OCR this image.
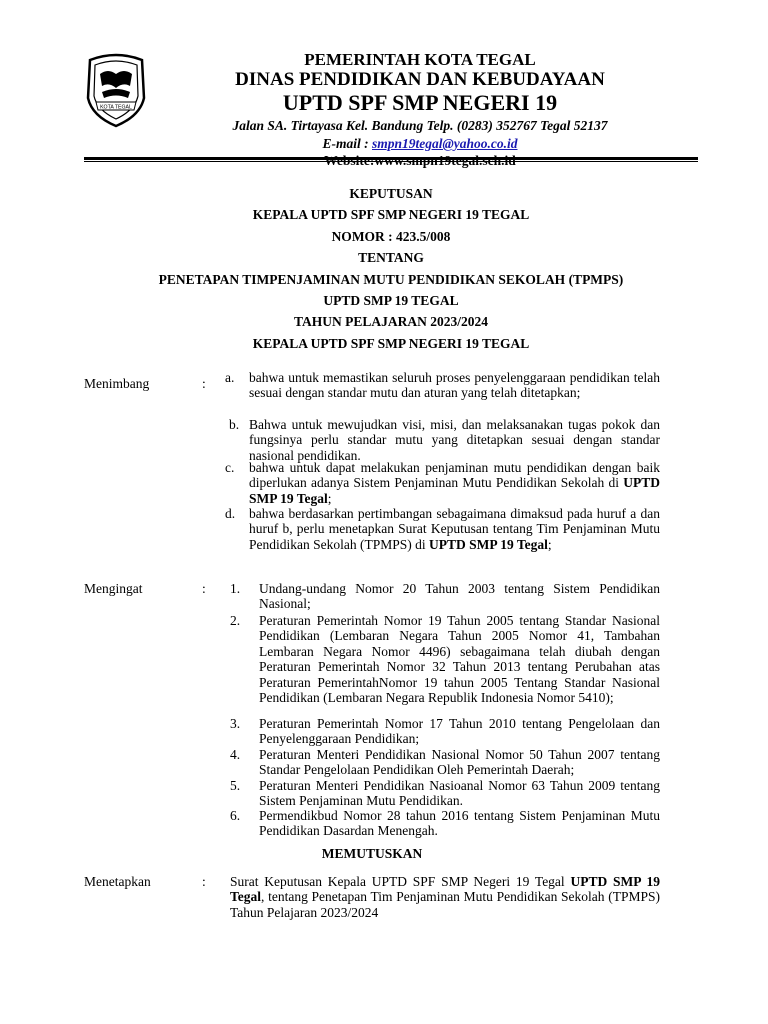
KOTA TEGAL
PEMERINTAH KOTA TEGAL
DINAS PENDIDIKAN DAN KEBUDAYAAN
UPTD SPF SMP NEGERI 19
Jalan SA. Tirtayasa Kel. Bandung Telp. (0283) 352767 Tegal 52137
E-mail : smpn19tegal@yahoo.co.id
KEPUTUSAN
KEPALA UPTD SPF SMP NEGERI 19 TEGAL
NOMOR : 423.5/008
TENTANG
PENETAPAN TIMPENJAMINAN MUTU PENDIDIKAN SEKOLAH (TPMPS)
UPTD SMP 19 TEGAL
TAHUN PELAJARAN 2023/2024
KEPALA UPTD SPF SMP NEGERI 19 TEGAL
Menimbang	: a. bahwa untuk memastikan seluruh proses penyelenggaraan pendidikan telah sesuai dengan standar mutu dan aturan yang telah ditetapkan;
b. Bahwa untuk mewujudkan visi, misi, dan melaksanakan tugas pokok dan fungsinya perlu standar mutu yang ditetapkan sesuai dengan standar nasional pendidikan.
c. bahwa untuk dapat melakukan penjaminan mutu pendidikan dengan baik diperlukan adanya Sistem Penjaminan Mutu Pendidikan Sekolah di UPTD SMP 19 Tegal;
d. bahwa berdasarkan pertimbangan sebagaimana dimaksud pada huruf a dan huruf b, perlu menetapkan Surat Keputusan tentang Tim Penjaminan Mutu Pendidikan Sekolah (TPMPS) di UPTD SMP 19 Tegal;
Mengingat	: 1. Undang-undang Nomor 20 Tahun 2003 tentang Sistem Pendidikan Nasional;
2. Peraturan Pemerintah Nomor 19 Tahun 2005 tentang Standar Nasional Pendidikan (Lembaran Negara Tahun 2005 Nomor 41, Tambahan Lembaran Negara Nomor 4496) sebagaimana telah diubah dengan Peraturan Pemerintah Nomor 32 Tahun 2013 tentang Perubahan atas Peraturan PemerintahNomor 19 tahun 2005 Tentang Standar Nasional Pendidikan (Lembaran Negara Republik Indonesia Nomor 5410);
3. Peraturan Pemerintah Nomor 17 Tahun 2010 tentang Pengelolaan dan Penyelenggaraan Pendidikan;
4. Peraturan Menteri Pendidikan Nasional Nomor 50 Tahun 2007 tentang Standar Pengelolaan Pendidikan Oleh Pemerintah Daerah;
5. Peraturan Menteri Pendidikan Nasioanal Nomor 63 Tahun 2009 tentang Sistem Penjaminan Mutu Pendidikan.
6. Permendikbud Nomor 28 tahun 2016 tentang Sistem Penjaminan Mutu Pendidikan Dasardan Menengah.
MEMUTUSKAN
Menetapkan	: Surat Keputusan Kepala UPTD SPF SMP Negeri 19 Tegal UPTD SMP 19 Tegal, tentang Penetapan Tim Penjaminan Mutu Pendidikan Sekolah (TPMPS) Tahun Pelajaran 2023/2024
